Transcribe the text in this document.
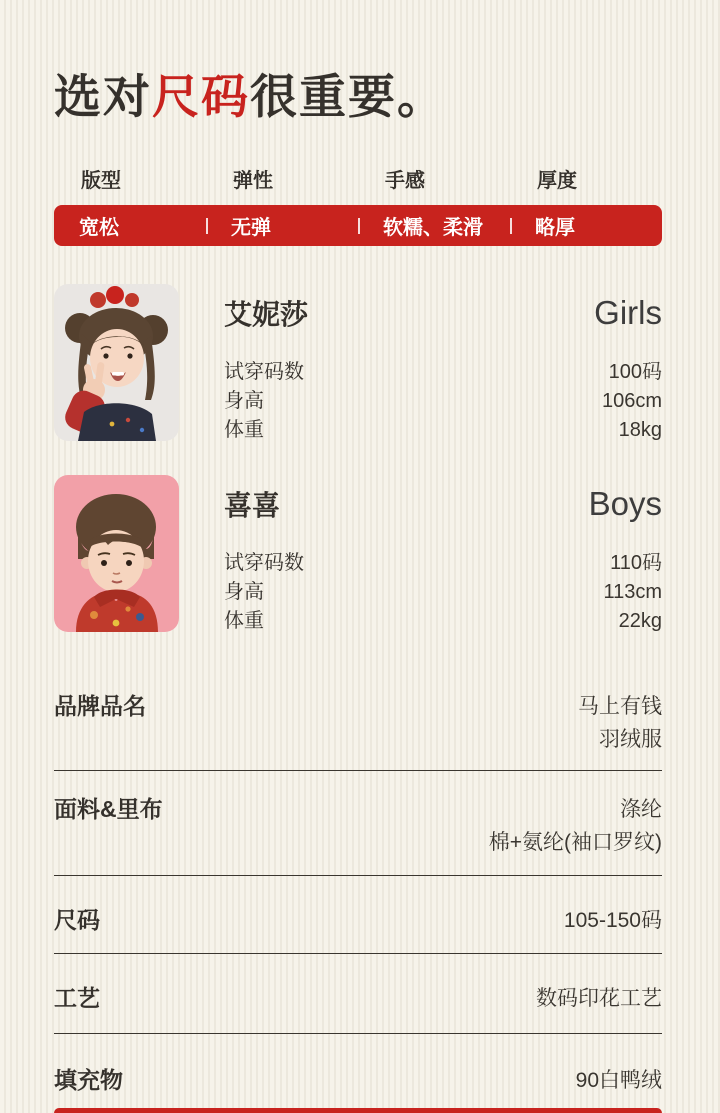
选对尺码很重要。
版型	弹性	手感	厚度
宽松	无弹	软糯、柔滑	略厚
艾妮莎	Girls
试穿码数	100码
身高	106cm
体重	18kg
喜喜	Boys
试穿码数	110码
身高	113cm
体重	22kg
品牌品名	马上有钱
羽绒服
面料&里布	涤纶
棉+氨纶(袖口罗纹)
尺码	105-150码
工艺	数码印花工艺
填充物	90白鸭绒
